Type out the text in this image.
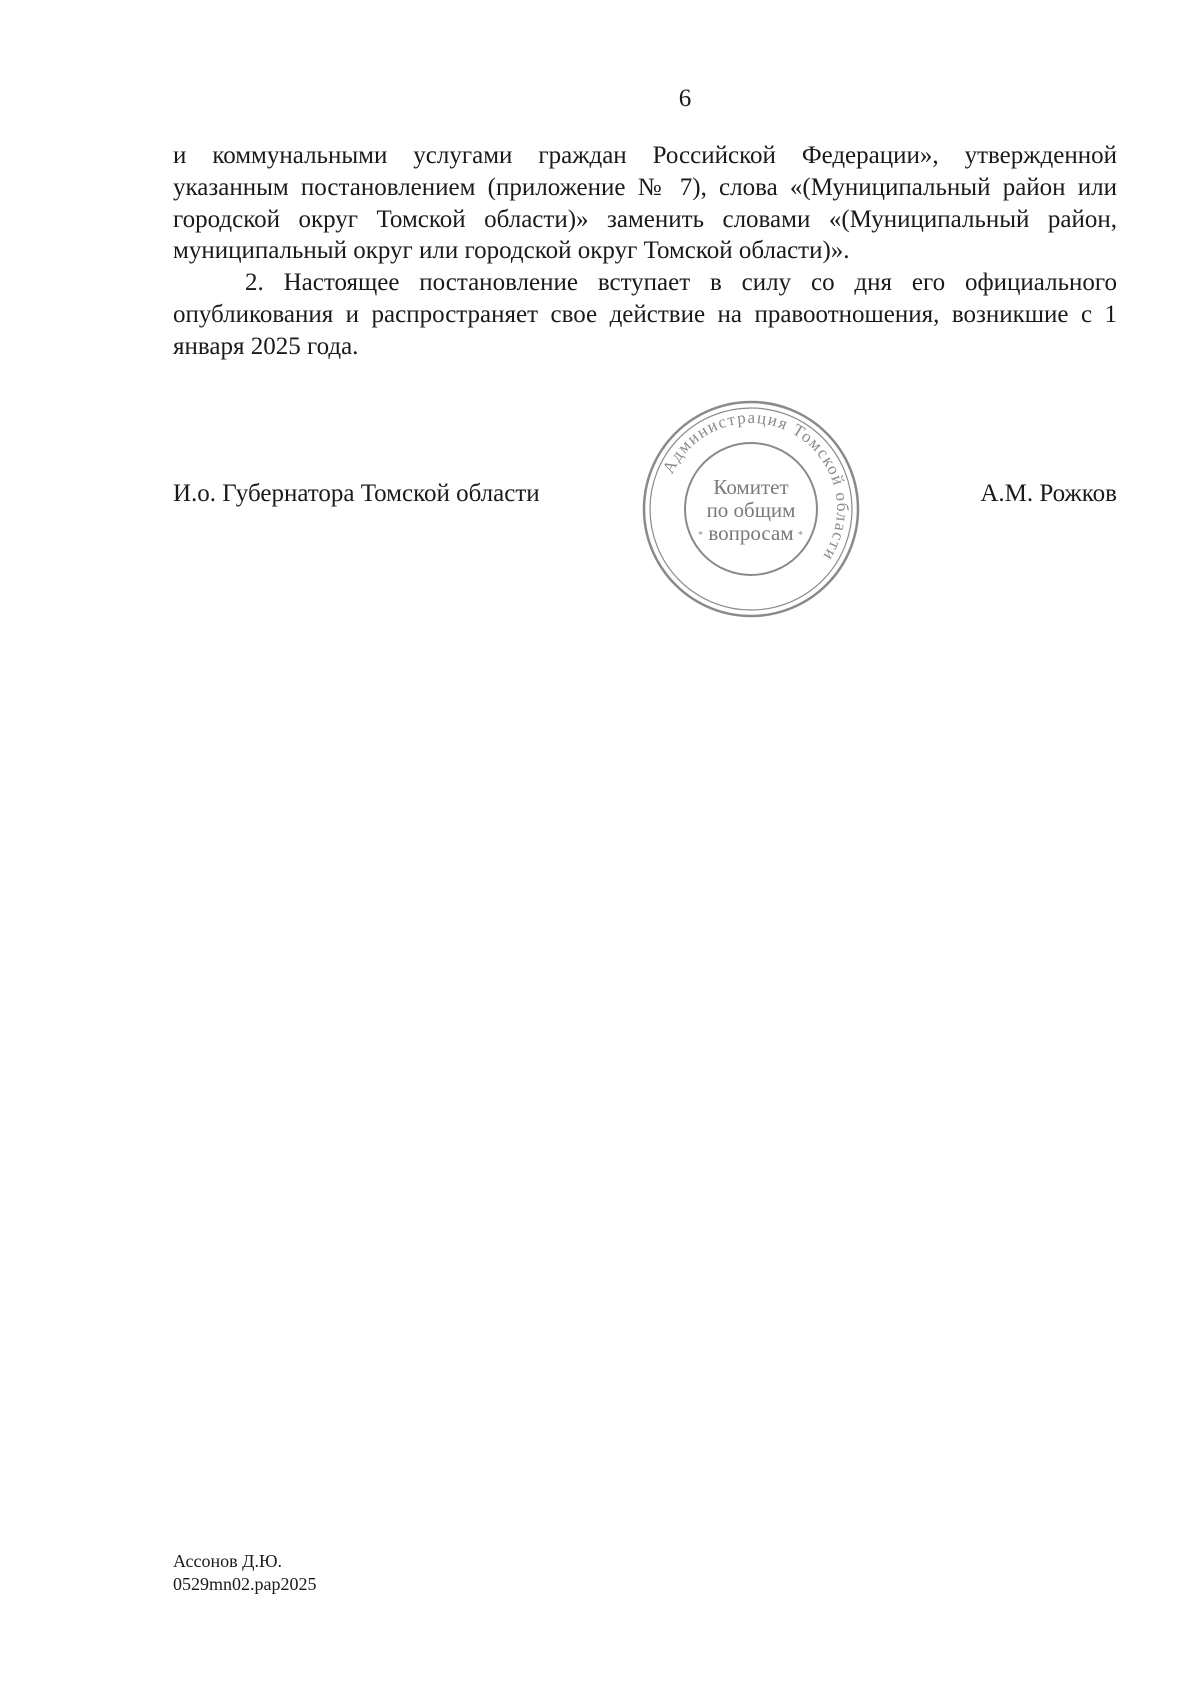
6

и коммунальными услугами граждан Российской Федерации», утвержденной указанным постановлением (приложение № 7), слова «(Муниципальный район или городской округ Томской области)» заменить словами «(Муниципальный район, муниципальный округ или городской округ Томской области)».

2. Настоящее постановление вступает в силу со дня его официального опубликования и распространяет свое действие на правоотношения, возникшие с 1 января 2025 года.

И.о. Губернатора Томской области
Администрация Томской области
*	*
Комитет
по общим
вопросам
А.М. Рожков
Ассонов Д.Ю.
0529mn02.pap2025
